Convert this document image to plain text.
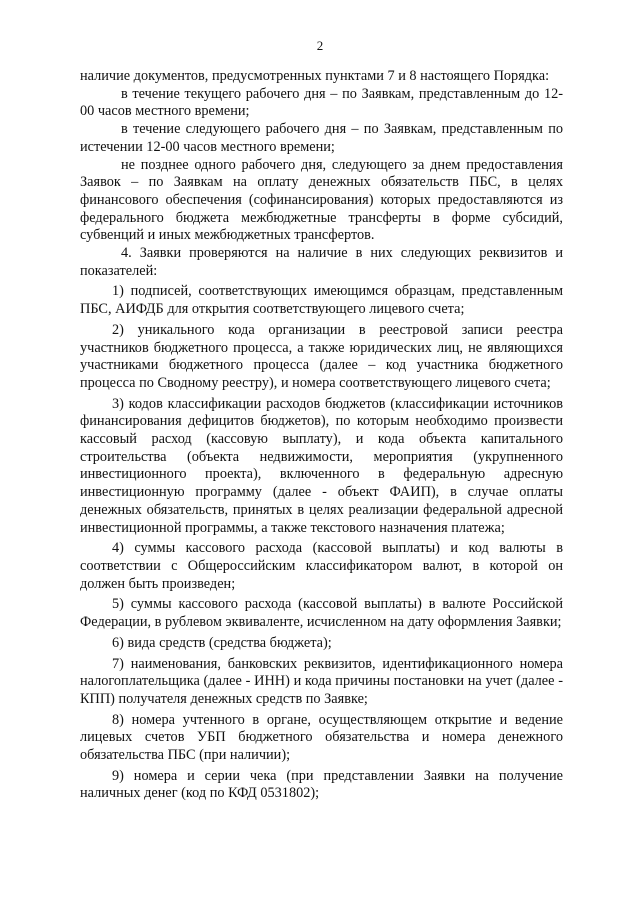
2

наличие документов, предусмотренных пунктами 7 и 8 настоящего Порядка:

в течение текущего рабочего дня – по Заявкам, представленным до 12-00 часов местного времени;

в течение следующего рабочего дня – по Заявкам, представленным по истечении 12-00 часов местного времени;

не позднее одного рабочего дня, следующего за днем предоставления Заявок – по Заявкам на оплату денежных обязательств ПБС, в целях финансового обеспечения (софинансирования) которых предоставляются из федерального бюджета межбюджетные трансферты в форме субсидий, субвенций и иных межбюджетных трансфертов.

4. Заявки проверяются на наличие в них следующих реквизитов и показателей:

1) подписей, соответствующих имеющимся образцам, представленным ПБС, АИФДБ для открытия соответствующего лицевого счета;

2) уникального кода организации в реестровой записи реестра участников бюджетного процесса, а также юридических лиц, не являющихся участниками бюджетного процесса (далее – код участника бюджетного процесса по Сводному реестру), и номера соответствующего лицевого счета;

3) кодов классификации расходов бюджетов (классификации источников финансирования дефицитов бюджетов), по которым необходимо произвести кассовый расход (кассовую выплату), и кода объекта капитального строительства (объекта недвижимости, мероприятия (укрупненного инвестиционного проекта), включенного в федеральную адресную инвестиционную программу (далее - объект ФАИП), в случае оплаты денежных обязательств, принятых в целях реализации федеральной адресной инвестиционной программы, а также текстового назначения платежа;

4) суммы кассового расхода (кассовой выплаты) и код валюты в соответствии с Общероссийским классификатором валют, в которой он должен быть произведен;

5) суммы кассового расхода (кассовой выплаты) в валюте Российской Федерации, в рублевом эквиваленте, исчисленном на дату оформления Заявки;

6) вида средств (средства бюджета);

7) наименования, банковских реквизитов, идентификационного номера налогоплательщика (далее - ИНН) и кода причины постановки на учет (далее - КПП) получателя денежных средств по Заявке;

8) номера учтенного в органе, осуществляющем открытие и ведение лицевых счетов УБП бюджетного обязательства и номера денежного обязательства ПБС (при наличии);

9) номера и серии чека (при представлении Заявки на получение наличных денег (код по КФД 0531802);
